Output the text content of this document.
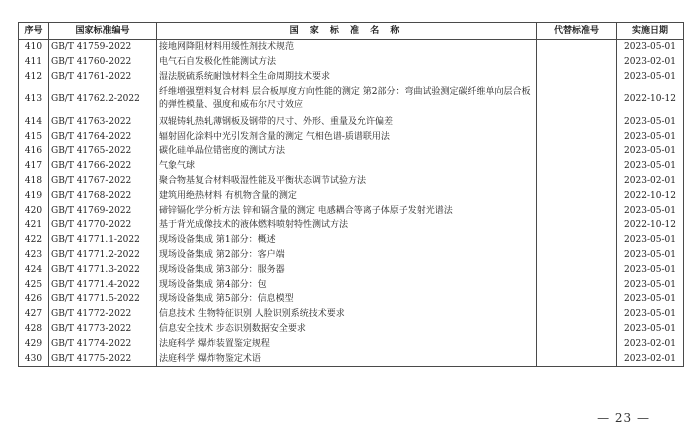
序号	国家标准编号	国 家 标 准 名 称	代替标准号	实施日期
410	GB/T 41759-2022	接地网降阻材料用缓性剂技术规范		2023-05-01
411	GB/T 41760-2022	电气石自发极化性能测试方法		2023-02-01
412	GB/T 41761-2022	湿法脱硫系统耐蚀材料全生命周期技术要求		2023-05-01
413	GB/T 41762.2-2022	纤维增强塑料复合材料 层合板厚度方向性能的测定 第2部分：弯曲试验测定碳纤维单向层合板的弹性模量、强度和威布尔尺寸效应		2022-10-12
414	GB/T 41763-2022	双辊铸轧热轧薄钢板及钢带的尺寸、外形、重量及允许偏差		2023-05-01
415	GB/T 41764-2022	辐射固化涂料中光引发剂含量的测定 气相色谱-质谱联用法		2023-05-01
416	GB/T 41765-2022	碳化硅单晶位错密度的测试方法		2023-05-01
417	GB/T 41766-2022	气象气球		2023-05-01
418	GB/T 41767-2022	聚合物基复合材料吸湿性能及平衡状态调节试验方法		2023-02-01
419	GB/T 41768-2022	建筑用绝热材料 有机物含量的测定		2022-10-12
420	GB/T 41769-2022	碲锌镉化学分析方法 锌和镉含量的测定 电感耦合等离子体原子发射光谱法		2023-05-01
421	GB/T 41770-2022	基于背光成像技术的液体燃料喷射特性测试方法		2022-10-12
422	GB/T 41771.1-2022	现场设备集成 第1部分：概述		2023-05-01
423	GB/T 41771.2-2022	现场设备集成 第2部分：客户端		2023-05-01
424	GB/T 41771.3-2022	现场设备集成 第3部分：服务器		2023-05-01
425	GB/T 41771.4-2022	现场设备集成 第4部分：包		2023-05-01
426	GB/T 41771.5-2022	现场设备集成 第5部分：信息模型		2023-05-01
427	GB/T 41772-2022	信息技术 生物特征识别 人脸识别系统技术要求		2023-05-01
428	GB/T 41773-2022	信息安全技术 步态识别数据安全要求		2023-05-01
429	GB/T 41774-2022	法庭科学 爆炸装置鉴定规程		2023-02-01
430	GB/T 41775-2022	法庭科学 爆炸物鉴定术语		2023-02-01
— 23 —
